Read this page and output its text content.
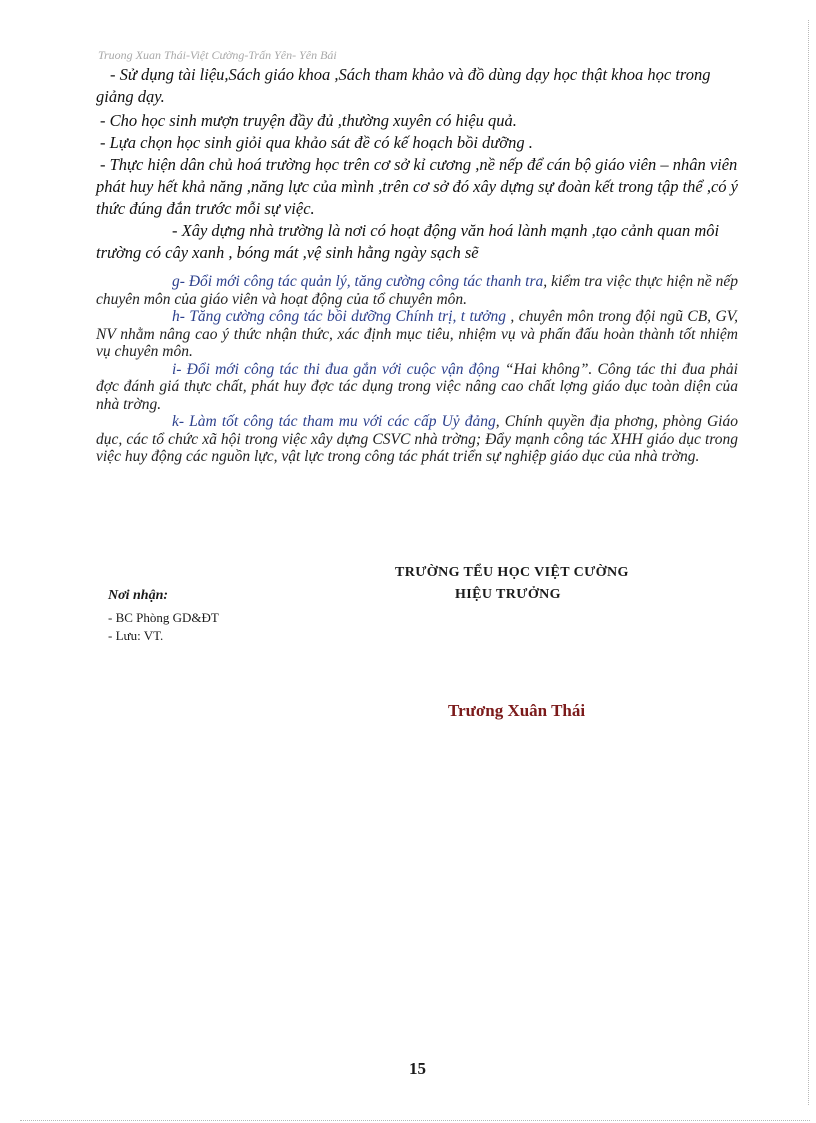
Truong Xuan Thái-Việt Cường-Trấn Yên- Yên Bái

- Sử dụng tài liệu,Sách giáo khoa ,Sách tham khảo và đồ dùng dạy học thật khoa học trong giảng dạy.

- Cho học sinh mượn truyện đầy đủ ,thường xuyên có hiệu quả.

- Lựa chọn học sinh giỏi qua khảo sát đề có kế hoạch bồi dưỡng .

- Thực hiện dân chủ hoá trường học trên cơ sở kỉ cương ,nề nếp để cán bộ giáo viên – nhân viên phát huy hết khả năng ,năng lực của mình ,trên cơ sở đó xây dựng sự đoàn kết trong tập thể ,có ý thức đúng đắn trước mỗi sự việc.

- Xây dựng nhà trường là nơi có hoạt động văn hoá lành mạnh ,tạo cảnh quan môi trường có cây xanh , bóng mát ,vệ sinh hằng ngày sạch sẽ

g- Đổi mới công tác quản lý, tăng cường công tác thanh tra, kiểm tra việc thực hiện nề nếp chuyên môn của giáo viên và hoạt động của tổ chuyên môn.

h- Tăng cường công tác bồi dưỡng Chính trị, t tưởng , chuyên môn trong đội ngũ CB, GV, NV nhằm nâng cao ý thức nhận thức, xác định mục tiêu, nhiệm vụ và phấn đấu hoàn thành tốt nhiệm vụ chuyên môn.

i- Đổi mới công tác thi đua gắn với cuộc vận động “Hai không”. Công tác thi đua phải đợc đánh giá thực chất, phát huy đợc tác dụng trong việc nâng cao chất lợng giáo dục toàn diện của nhà trờng.

k- Làm tốt công tác tham mu với các cấp Uỷ đảng, Chính quyền địa phơng, phòng Giáo dục, các tổ chức xã hội trong việc xây dựng CSVC nhà trờng; Đẩy mạnh công tác XHH giáo dục trong việc huy động các nguồn lực, vật lực trong công tác phát triển sự nghiệp giáo dục của nhà trờng.

TRƯỜNG TỂU HỌC VIỆT CƯỜNG
HIỆU TRƯỞNG
Nơi nhận:
- BC Phòng GD&ĐT
- Lưu: VT.
Trương Xuân Thái
15
